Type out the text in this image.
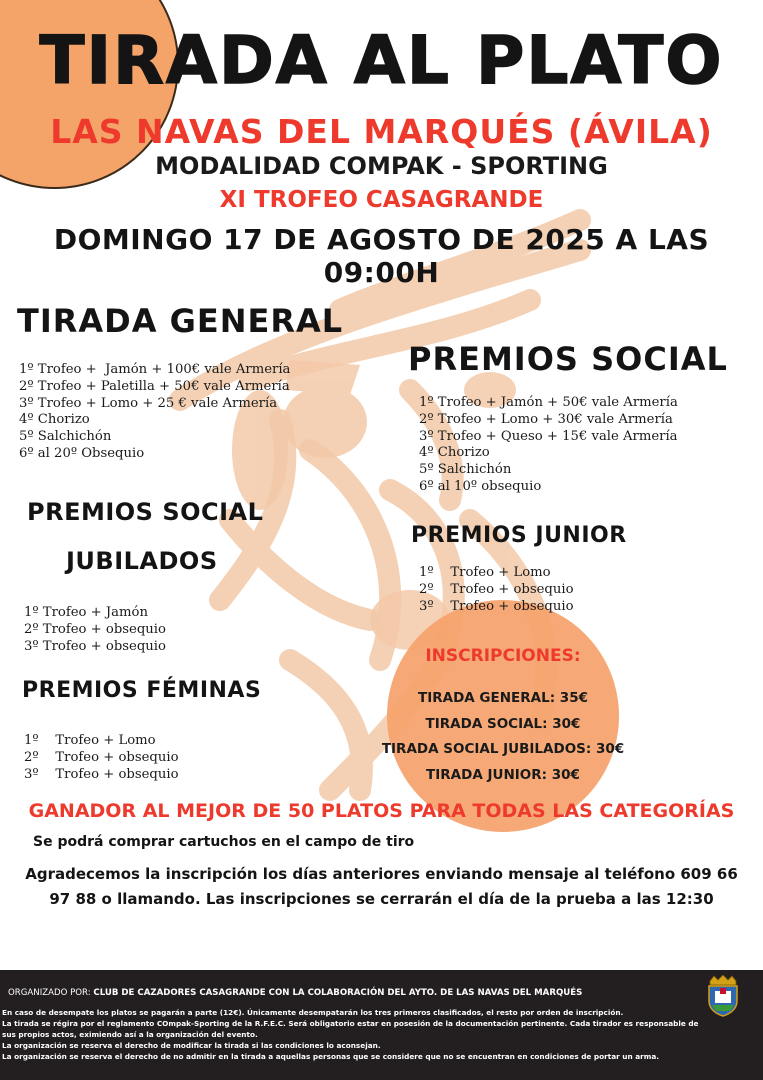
TIRADA AL PLATO
LAS NAVAS DEL MARQUÉS (ÁVILA)
MODALIDAD COMPAK - SPORTING
XI TROFEO CASAGRANDE
DOMINGO 17 DE AGOSTO DE 2025 A LAS 09:00H
TIRADA GENERAL
1º Trofeo +  Jamón + 100€ vale Armería
2º Trofeo + Paletilla + 50€ vale Armería
3º Trofeo + Lomo + 25 € vale Armería
4º Chorizo
5º Salchichón
6º al 20º Obsequio
PREMIOS SOCIAL
1º Trofeo + Jamón + 50€ vale Armería
2º Trofeo + Lomo + 30€ vale Armería
3º Trofeo + Queso + 15€ vale Armería
4º Chorizo
5º Salchichón
6º al 10º obsequio
PREMIOS SOCIAL
JUBILADOS
1º Trofeo + Jamón
2º Trofeo + obsequio
3º Trofeo + obsequio
PREMIOS JUNIOR
1º    Trofeo + Lomo
2º    Trofeo + obsequio
3º    Trofeo + obsequio
PREMIOS FÉMINAS
1º    Trofeo + Lomo
2º    Trofeo + obsequio
3º    Trofeo + obsequio
INSCRIPCIONES:
TIRADA GENERAL: 35€
TIRADA SOCIAL: 30€
TIRADA SOCIAL JUBILADOS: 30€
TIRADA JUNIOR: 30€
GANADOR AL MEJOR DE 50 PLATOS PARA TODAS LAS CATEGORÍAS
Se podrá comprar cartuchos en el campo de tiro
Agradecemos la inscripción los días anteriores enviando mensaje al teléfono 609 66 97 88 o llamando. Las inscripciones se cerrarán el día de la prueba a las 12:30
ORGANIZADO POR: CLUB DE CAZADORES CASAGRANDE CON LA COLABORACIÓN DEL AYTO. DE LAS NAVAS DEL MARQUÉS

En caso de desempate los platos se pagarán a parte (12€). Únicamente desempatarán los tres primeros clasificados, el resto por orden de inscripción.

La tirada se régira por el reglamento COmpak-Sporting de la R.F.E.C. Será obligatorio estar en posesión de la documentación pertinente. Cada tirador es responsable de sus propios actos, eximiendo así a la organización del evento.

La organización se reserva el derecho de modificar la tirada si las condiciones lo aconsejan.

La organización se reserva el derecho de no admitir en la tirada a aquellas personas que se considere que no se encuentran en condiciones de portar un arma.
